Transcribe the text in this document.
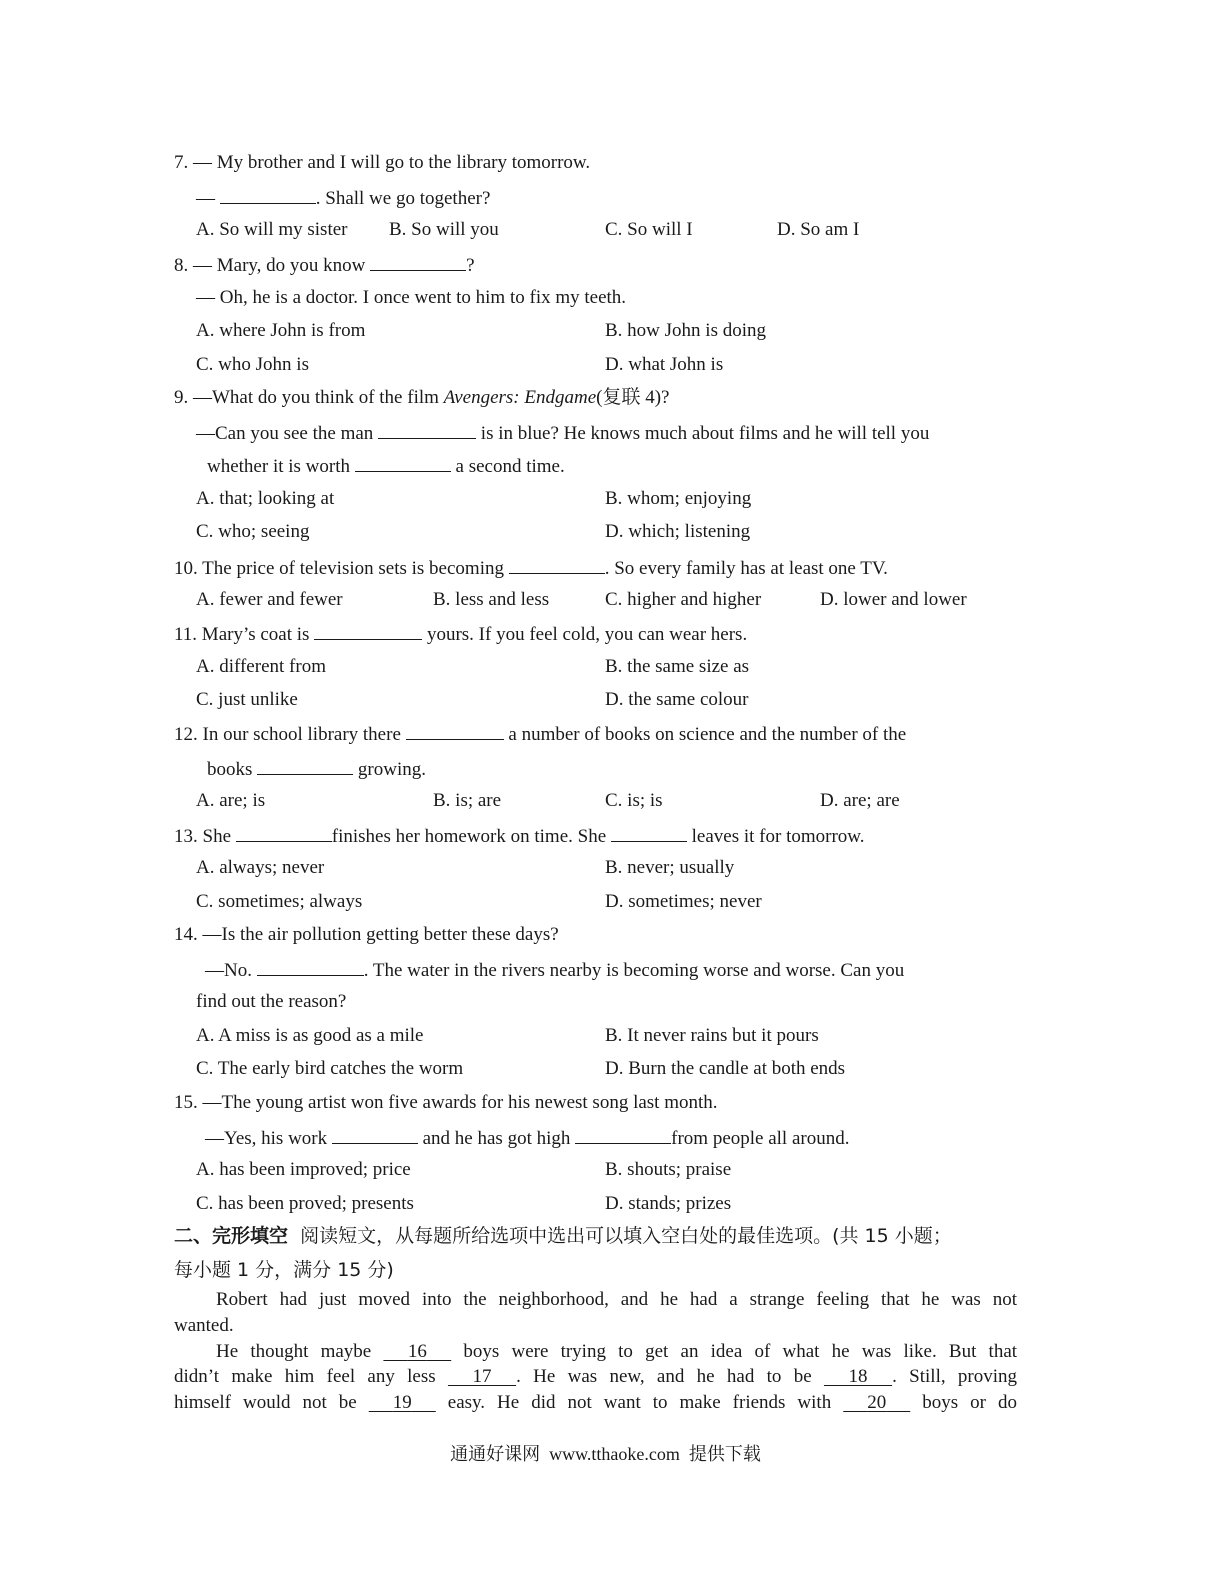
7. — My brother and I will go to the library tomorrow.
—	. Shall we go together?
A. So will my sister B. So will you	C. So will I	D. So am I
8. — Mary, do you know	?
— Oh, he is a doctor. I once went to him to fix my teeth.
A. where John is from	B. how John is doing
C. who John is	D. what John is
9. —What do you think of the film Avengers: Endgame(复联 4)?
—Can you see the man	is in blue? He knows much about films and he will tell you
whether it is worth	a second time.
A. that; looking at	B. whom; enjoying
C. who; seeing	D. which; listening
10. The price of television sets is becoming	. So every family has at least one TV.
A. fewer and fewer	B. less and less	C. higher and higher	D. lower and lower
11. Mary’s coat is	yours. If you feel cold, you can wear hers.
A. different from	B. the same size as
C. just unlike	D. the same colour
12. In our school library there	a number of books on science and the number of the
books	growing.
A. are; is	B. is; are	C. is; is	D. are; are
13. She	finishes her homework on time. She	leaves it for tomorrow.
A. always; never	B. never; usually
C. sometimes; always	D. sometimes; never
14. —Is the air pollution getting better these days?
—No.	. The water in the rivers nearby is becoming worse and worse. Can you
find out the reason?
A. A miss is as good as a mile	B. It never rains but it pours
C. The early bird catches the worm	D. Burn the candle at both ends
15. —The young artist won five awards for his newest song last month.
—Yes, his work	and he has got high	from people all around.
A. has been improved; price	B. shouts; praise
C. has been proved; presents	D. stands; prizes
二、完形填空  阅读短文，从每题所给选项中选出可以填入空白处的最佳选项。(共 15 小题；
每小题 1 分，满分 15 分)
Robert had just moved into the neighborhood, and he had a strange feeling that he was not
wanted.
He thought maybe   16   boys were trying to get an idea of what he was like. But that
didn’t make him feel any less   17 . He was new, and he had to be   18 . Still, proving
himself would not be   19   easy. He did not want to make friends with   20   boys or do
通通好课网  www.tthaoke.com  提供下载
